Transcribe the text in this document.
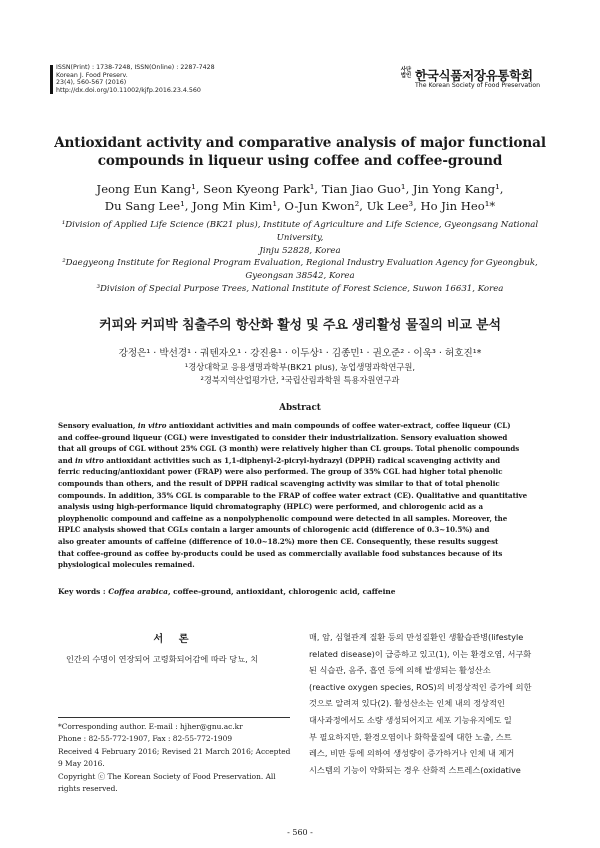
ISSN(Print) : 1738-7248, ISSN(Online) : 2287-7428
Korean J. Food Preserv.
23(4), 560-567 (2016)
http://dx.doi.org/10.11002/kjfp.2016.23.4.560
사단
법인 한국식품저장유통학회
The Korean Society of Food Preservation
Antioxidant activity and comparative analysis of major functional
compounds in liqueur using coffee and coffee-ground
Jeong Eun Kang¹, Seon Kyeong Park¹, Tian Jiao Guo¹, Jin Yong Kang¹,
Du Sang Lee¹, Jong Min Kim¹, O-Jun Kwon², Uk Lee³, Ho Jin Heo¹*
¹Division of Applied Life Science (BK21 plus), Institute of Agriculture and Life Science, Gyeongsang National University,
Jinju 52828, Korea
²Daegyeong Institute for Regional Program Evaluation, Regional Industry Evaluation Agency for Gyeongbuk,
Gyeongsan 38542, Korea
³Division of Special Purpose Trees, National Institute of Forest Science, Suwon 16631, Korea
커피와 커피박 침출주의 항산화 활성 및 주요 생리활성 물질의 비교 분석
강정은¹ · 박선경¹ · 궈텐자오¹ · 강진용¹ · 이두상¹ · 김종민¹ · 권오준² · 이욱³ · 허호진¹*
¹경상대학교 응용생명과학부(BK21 plus), 농업생명과학연구원,
²경북지역산업평가단, ³국립산림과학원 특용자원연구과
Abstract
Sensory evaluation, in vitro antioxidant activities and main compounds of coffee water-extract, coffee liqueur (CL)
and coffee-ground liqueur (CGL) were investigated to consider their industrialization. Sensory evaluation showed
that all groups of CGL without 25% CGL (3 month) were relatively higher than CL groups. Total phenolic compounds
and in vitro antioxidant activities such as 1,1-diphenyl-2-picryl-hydrazyl (DPPH) radical scavenging activity and
ferric reducing/antioxidant power (FRAP) were also performed. The group of 35% CGL had higher total phenolic
compounds than others, and the result of DPPH radical scavenging activity was similar to that of total phenolic
compounds. In addition, 35% CGL is comparable to the FRAP of coffee water extract (CE). Qualitative and quantitative
analysis using high-performance liquid chromatography (HPLC) were performed, and chlorogenic acid as a
ployphenolic compound and caffeine as a nonpolyphenolic compound were detected in all samples. Moreover, the
HPLC analysis showed that CGLs contain a larger amounts of chlorogenic acid (difference of 0.3~10.5%) and
also greater amounts of caffeine (difference of 10.0~18.2%) more then CE. Consequently, these results suggest
that coffee-ground as coffee by-products could be used as commercially available food substances because of its
physiological molecules remained.
Key words : Coffea arabica, coffee-ground, antioxidant, chlorogenic acid, caffeine
서 론
인간의 수명이 연장되어 고령화되어감에 따라 당뇨, 치
*Corresponding author. E-mail : hjher@gnu.ac.kr
Phone : 82-55-772-1907, Fax : 82-55-772-1909
Received 4 February 2016; Revised 21 March 2016; Accepted
9 May 2016.
Copyright ⓒ The Korean Society of Food Preservation. All
rights reserved.
매, 암, 심혈관계 질환 등의 만성질환인 생활습관병(lifestyle
related disease)이 급증하고 있고(1), 이는 환경오염, 서구화
된 식습관, 음주, 흡연 등에 의해 발생되는 활성산소
(reactive oxygen species, ROS)의 비정상적인 증가에 의한
것으로 알려져 있다(2). 활성산소는 인체 내의 정상적인
대사과정에서도 소량 생성되어지고 세포 기능유지에도 일
부 필요하지만, 환경오염이나 화학물질에 대한 노출, 스트
레스, 비만 등에 의하여 생성량이 증가하거나 인체 내 제거
시스템의 기능이 약화되는 경우 산화적 스트레스(oxidative
- 560 -
